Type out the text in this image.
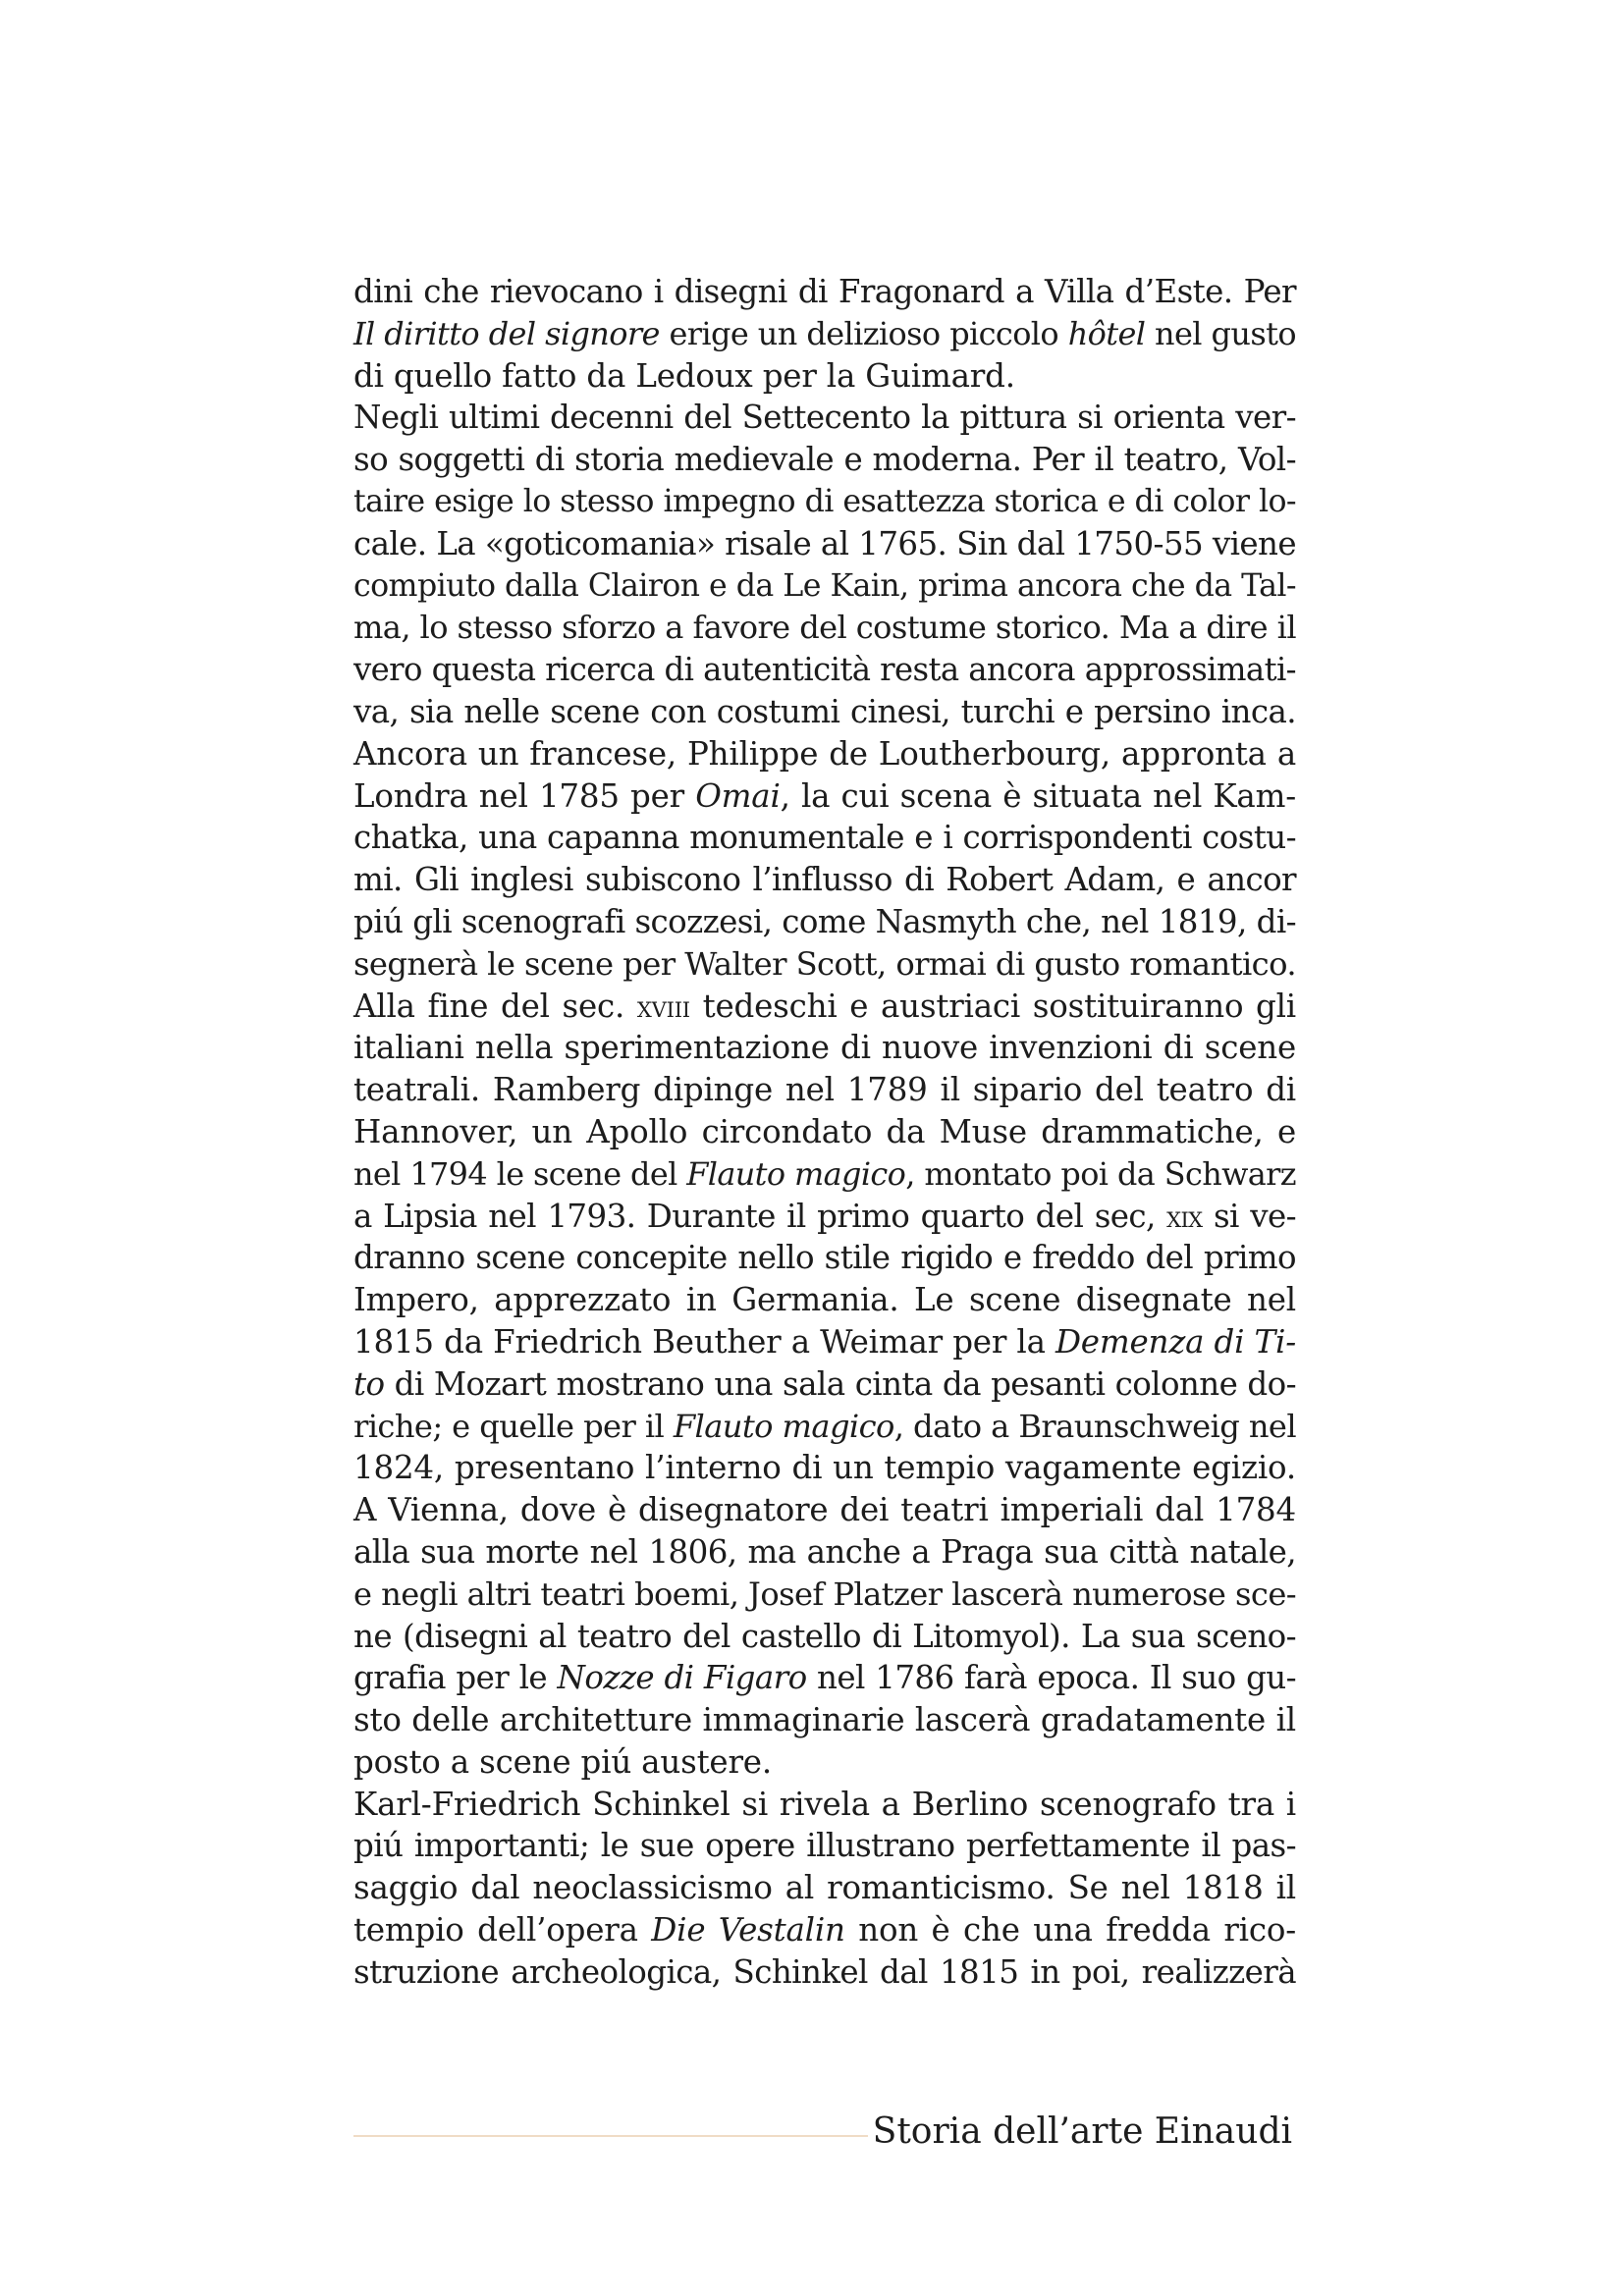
dini che rievocano i disegni di Fragonard a Villa d’Este. Per
Il diritto del signore erige un delizioso piccolo hôtel nel gusto
di quello fatto da Ledoux per la Guimard.
Negli ultimi decenni del Settecento la pittura si orienta ver-
so soggetti di storia medievale e moderna. Per il teatro, Vol-
taire esige lo stesso impegno di esattezza storica e di color lo-
cale. La «goticomania» risale al 1765. Sin dal 1750-55 viene
compiuto dalla Clairon e da Le Kain, prima ancora che da Tal-
ma, lo stesso sforzo a favore del costume storico. Ma a dire il
vero questa ricerca di autenticità resta ancora approssimati-
va, sia nelle scene con costumi cinesi, turchi e persino inca.
Ancora un francese, Philippe de Loutherbourg, appronta a
Londra nel 1785 per Omai, la cui scena è situata nel Kam-
chatka, una capanna monumentale e i corrispondenti costu-
mi. Gli inglesi subiscono l’influsso di Robert Adam, e ancor
piú gli scenografi scozzesi, come Nasmyth che, nel 1819, di-
segnerà le scene per Walter Scott, ormai di gusto romantico.
Alla fine del sec. xviii tedeschi e austriaci sostituiranno gli
italiani nella sperimentazione di nuove invenzioni di scene
teatrali. Ramberg dipinge nel 1789 il sipario del teatro di
Hannover, un Apollo circondato da Muse drammatiche, e
nel 1794 le scene del Flauto magico, montato poi da Schwarz
a Lipsia nel 1793. Durante il primo quarto del sec, xix si ve-
dranno scene concepite nello stile rigido e freddo del primo
Impero, apprezzato in Germania. Le scene disegnate nel
1815 da Friedrich Beuther a Weimar per la Demenza di Ti-
to di Mozart mostrano una sala cinta da pesanti colonne do-
riche; e quelle per il Flauto magico, dato a Braunschweig nel
1824, presentano l’interno di un tempio vagamente egizio.
A Vienna, dove è disegnatore dei teatri imperiali dal 1784
alla sua morte nel 1806, ma anche a Praga sua città natale,
e negli altri teatri boemi, Josef Platzer lascerà numerose sce-
ne (disegni al teatro del castello di Litomyol). La sua sceno-
grafia per le Nozze di Figaro nel 1786 farà epoca. Il suo gu-
sto delle architetture immaginarie lascerà gradatamente il
posto a scene piú austere.
Karl-Friedrich Schinkel si rivela a Berlino scenografo tra i
piú importanti; le sue opere illustrano perfettamente il pas-
saggio dal neoclassicismo al romanticismo. Se nel 1818 il
tempio dell’opera Die Vestalin non è che una fredda rico-
struzione archeologica, Schinkel dal 1815 in poi, realizzerà
Storia dell’arte Einaudi
